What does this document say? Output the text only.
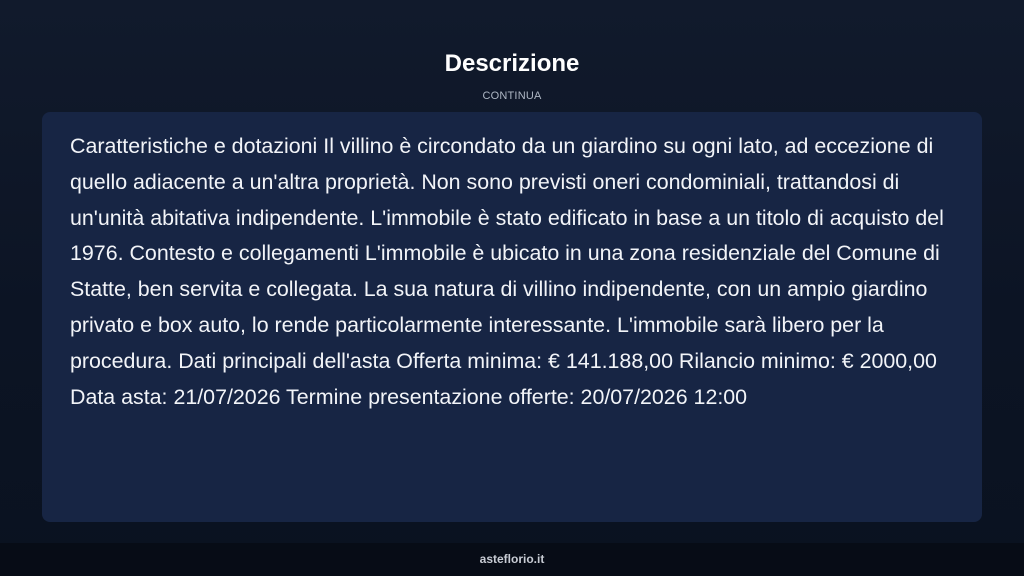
Descrizione
CONTINUA

Caratteristiche e dotazioni Il villino è circondato da un giardino su ogni lato, ad eccezione di quello adiacente a un'altra proprietà. Non sono previsti oneri condominiali, trattandosi di un'unità abitativa indipendente. L'immobile è stato edificato in base a un titolo di acquisto del 1976. Contesto e collegamenti L'immobile è ubicato in una zona residenziale del Comune di Statte, ben servita e collegata. La sua natura di villino indipendente, con un ampio giardino privato e box auto, lo rende particolarmente interessante. L'immobile sarà libero per la procedura. Dati principali dell'asta Offerta minima: € 141.188,00 Rilancio minimo: € 2000,00 Data asta: 21/07/2026 Termine presentazione offerte: 20/07/2026 12:00

asteflorio.it
